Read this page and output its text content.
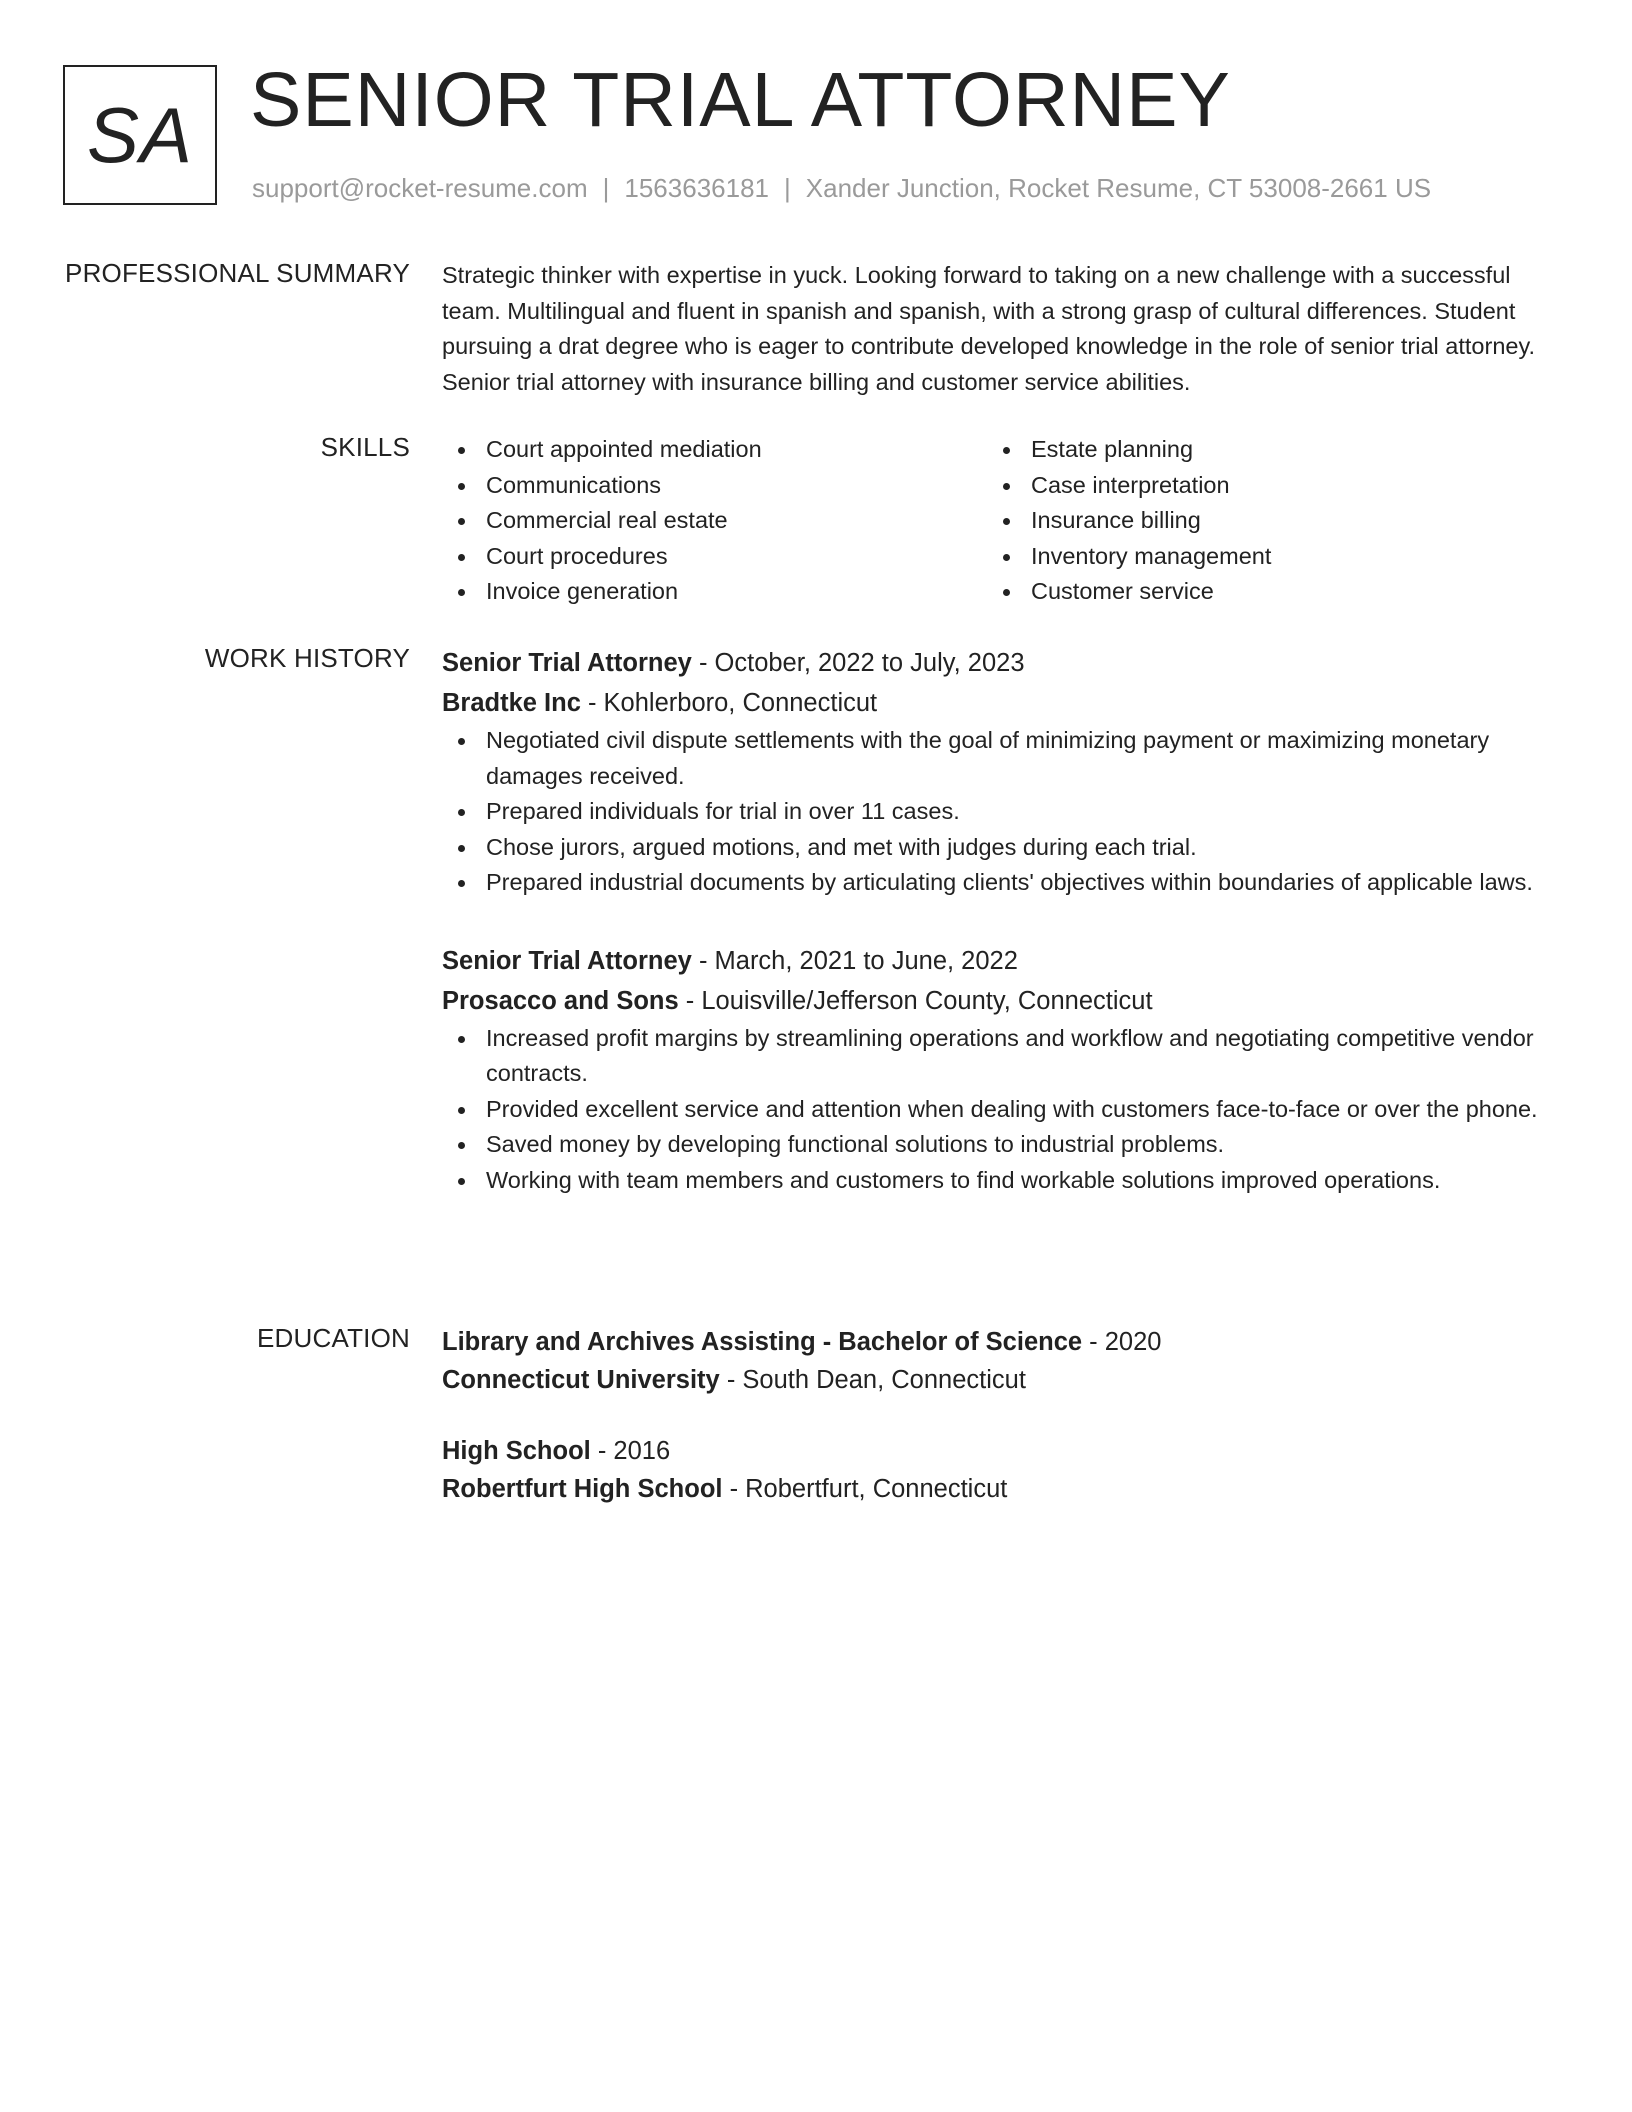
SA SENIOR TRIAL ATTORNEY
support@rocket-resume.com | 1563636181 | Xander Junction, Rocket Resume, CT 53008-2661 US
PROFESSIONAL SUMMARY Strategic thinker with expertise in yuck. Looking forward to taking on a new challenge with a successful team. Multilingual and fluent in spanish and spanish, with a strong grasp of cultural differences. Student pursuing a drat degree who is eager to contribute developed knowledge in the role of senior trial attorney. Senior trial attorney with insurance billing and customer service abilities.

SKILLS	Court appointed mediation
Communications
Commercial real estate
Court procedures
Invoice generation
Estate planning
Case interpretation
Insurance billing
Inventory management
Customer service
WORK HISTORY Senior Trial Attorney - October, 2022 to July, 2023
Bradtke Inc - Kohlerboro, Connecticut
Negotiated civil dispute settlements with the goal of minimizing payment or maximizing monetary damages received.
Prepared individuals for trial in over 11 cases.
Chose jurors, argued motions, and met with judges during each trial.
Prepared industrial documents by articulating clients' objectives within boundaries of applicable laws.
Senior Trial Attorney - March, 2021 to June, 2022
Prosacco and Sons - Louisville/Jefferson County, Connecticut
Increased profit margins by streamlining operations and workflow and negotiating competitive vendor contracts.
Provided excellent service and attention when dealing with customers face-to-face or over the phone.
Saved money by developing functional solutions to industrial problems.
Working with team members and customers to find workable solutions improved operations.
EDUCATION Library and Archives Assisting - Bachelor of Science - 2020
Connecticut University - South Dean, Connecticut
High School - 2016
Robertfurt High School - Robertfurt, Connecticut
